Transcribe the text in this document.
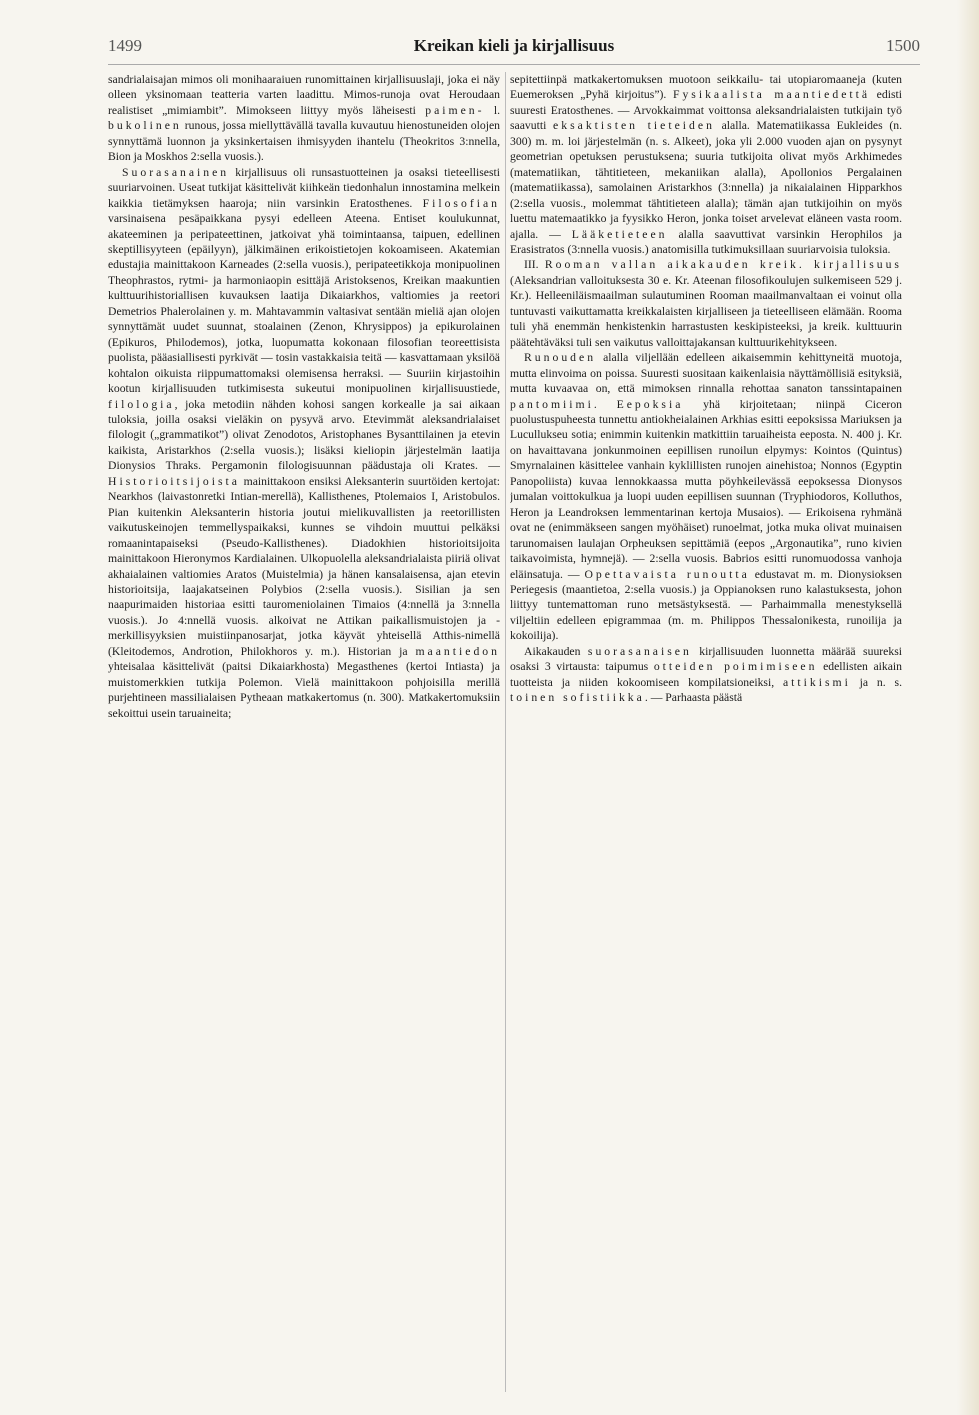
1499	Kreikan kieli ja kirjallisuus	1500

sandrialaisajan mimos oli monihaaraiuen runomittainen kirjallisuuslaji, joka ei näy olleen yksinomaan teatteria varten laadittu. Mimos-runoja ovat Heroudaan realistiset „mimiambit”. Mimokseen liittyy myös läheisesti paimen- l. bukolinen runous, jossa miellyttävällä tavalla kuvautuu hienostuneiden olojen synnyttämä luonnon ja yksinkertaisen ihmisyyden ihantelu (Theokritos 3:nnella, Bion ja Moskhos 2:sella vuosis.).

Suorasanainen kirjallisuus oli runsastuotteinen ja osaksi tieteellisesti suuriarvoinen. Useat tutkijat käsittelivät kiihkeän tiedonhalun innostamina melkein kaikkia tietämyksen haaroja; niin varsinkin Eratosthenes. Filosofian varsinaisena pesäpaikkana pysyi edelleen Ateena. Entiset koulukunnat, akateeminen ja peripateettinen, jatkoivat yhä toimintaansa, taipuen, edellinen skeptillisyyteen (epäilyyn), jälkimäinen erikoistietojen kokoamiseen. Akatemian edustajia mainittakoon Karneades (2:sella vuosis.), peripateetikkoja monipuolinen Theophrastos, rytmi- ja harmoniaopin esittäjä Aristoksenos, Kreikan maakuntien kulttuurihistoriallisen kuvauksen laatija Dikaiarkhos, valtiomies ja reetori Demetrios Phalerolainen y. m. Mahtavammin valtasivat sentään mieliä ajan olojen synnyttämät uudet suunnat, stoalainen (Zenon, Khrysippos) ja epikurolainen (Epikuros, Philodemos), jotka, luopumatta kokonaan filosofian teoreettisista puolista, pääasiallisesti pyrkivät — tosin vastakkaisia teitä — kasvattamaan yksilöä kohtalon oikuista riippumattomaksi olemisensa herraksi. — Suuriin kirjastoihin kootun kirjallisuuden tutkimisesta sukeutui monipuolinen kirjallisuustiede, filologia, joka metodiin nähden kohosi sangen korkealle ja sai aikaan tuloksia, joilla osaksi vieläkin on pysyvä arvo. Etevimmät aleksandrialaiset filologit („grammatikot”) olivat Zenodotos, Aristophanes Bysanttilainen ja etevin kaikista, Aristarkhos (2:sella vuosis.); lisäksi kieliopin järjestelmän laatija Dionysios Thraks. Pergamonin filologisuunnan päädustaja oli Krates. — Historioitsijoista mainittakoon ensiksi Aleksanterin suurtöiden kertojat: Nearkhos (laivastonretki Intian-merellä), Kallisthenes, Ptolemaios I, Aristobulos. Pian kuitenkin Aleksanterin historia joutui mielikuvallisten ja reetorillisten vaikutuskeinojen temmellyspaikaksi, kunnes se vihdoin muuttui pelkäksi romaanintapaiseksi (Pseudo-Kallisthenes). Diadokhien historioitsijoita mainittakoon Hieronymos Kardialainen. Ulkopuolella aleksandrialaista piiriä olivat akhaialainen valtiomies Aratos (Muistelmia) ja hänen kansalaisensa, ajan etevin historioitsija, laajakatseinen Polybios (2:sella vuosis.). Sisilian ja sen naapurimaiden historiaa esitti tauromeniolainen Timaios (4:nnellä ja 3:nnella vuosis.). Jo 4:nnellä vuosis. alkoivat ne Attikan paikallismuistojen ja -merkillisyyksien muistiinpanosarjat, jotka käyvät yhteisellä Atthis-nimellä (Kleitodemos, Androtion, Philokhoros y. m.). Historian ja maantiedon yhteisalaa käsittelivät (paitsi Dikaiarkhosta) Megasthenes (kertoi Intiasta) ja muistomerkkien tutkija Polemon. Vielä mainittakoon pohjoisilla merillä purjehtineen massilialaisen Pytheaan matkakertomus (n. 300). Matkakertomuksiin sekoittui usein taruaineita;

sepitettiinpä matkakertomuksen muotoon seikkailu- tai utopiaromaaneja (kuten Euemeroksen „Pyhä kirjoitus”). Fysikaalista maantiedettä edisti suuresti Eratosthenes. — Arvokkaimmat voittonsa aleksandrialaisten tutkijain työ saavutti eksaktisten tieteiden alalla. Matematiikassa Eukleides (n. 300) m. m. loi järjestelmän (n. s. Alkeet), joka yli 2.000 vuoden ajan on pysynyt geometrian opetuksen perustuksena; suuria tutkijoita olivat myös Arkhimedes (matematiikan, tähtitieteen, mekaniikan alalla), Apollonios Pergalainen (matematiikassa), samolainen Aristarkhos (3:nnella) ja nikaialainen Hipparkhos (2:sella vuosis., molemmat tähtitieteen alalla); tämän ajan tutkijoihin on myös luettu matemaatikko ja fyysikko Heron, jonka toiset arvelevat eläneen vasta room. ajalla. — Lääketieteen alalla saavuttivat varsinkin Herophilos ja Erasistratos (3:nnella vuosis.) anatomisilla tutkimuksillaan suuriarvoisia tuloksia.

III. Rooman vallan aikakauden kreik. kirjallisuus (Aleksandrian valloituksesta 30 e. Kr. Ateenan filosofikoulujen sulkemiseen 529 j. Kr.). Helleeniläismaailman sulautuminen Rooman maailmanvaltaan ei voinut olla tuntuvasti vaikuttamatta kreikkalaisten kirjalliseen ja tieteelliseen elämään. Rooma tuli yhä enemmän henkistenkin harrastusten keskipisteeksi, ja kreik. kulttuurin päätehtäväksi tuli sen vaikutus valloittajakansan kulttuurikehitykseen.

Runouden alalla viljellään edelleen aikaisemmin kehittyneitä muotoja, mutta elinvoima on poissa. Suuresti suositaan kaikenlaisia näyttämöllisiä esityksiä, mutta kuvaavaa on, että mimoksen rinnalla rehottaa sanaton tanssintapainen pantomiimi. Eepoksia yhä kirjoitetaan; niinpä Ciceron puolustuspuheesta tunnettu antiokheialainen Arkhias esitti eepoksissa Mariuksen ja Lucullukseu sotia; enimmin kuitenkin matkittiin taruaiheista eeposta. N. 400 j. Kr. on havaittavana jonkunmoinen eepillisen runoilun elpymys: Kointos (Quintus) Smyrnalainen käsittelee vanhain kyklillisten runojen ainehistoa; Nonnos (Egyptin Panopoliista) kuvaa lennokkaassa mutta pöyhkeilevässä eepoksessa Dionysos jumalan voittokulkua ja luopi uuden eepillisen suunnan (Tryphiodoros, Kolluthos, Heron ja Leandroksen lemmentarinan kertoja Musaios). — Erikoisena ryhmänä ovat ne (enimmäkseen sangen myöhäiset) runoelmat, jotka muka olivat muinaisen tarunomaisen laulajan Orpheuksen sepittämiä (eepos „Argonautika”, runo kivien taikavoimista, hymnejä). — 2:sella vuosis. Babrios esitti runomuodossa vanhoja eläinsatuja. — Opettavaista runoutta edustavat m. m. Dionysioksen Periegesis (maantietoa, 2:sella vuosis.) ja Oppianoksen runo kalastuksesta, johon liittyy tuntemattoman runo metsästyksestä. — Parhaimmalla menestyksellä viljeltiin edelleen epigrammaa (m. m. Philippos Thessalonikesta, runoilija ja kokoilija).

Aikakauden suorasanaisen kirjallisuuden luonnetta määrää suureksi osaksi 3 virtausta: taipumus otteiden poimimiseen edellisten aikain tuotteista ja niiden kokoomiseen kompilatsioneiksi, attikismi ja n. s. toinen sofistiikka. — Parhaasta päästä
